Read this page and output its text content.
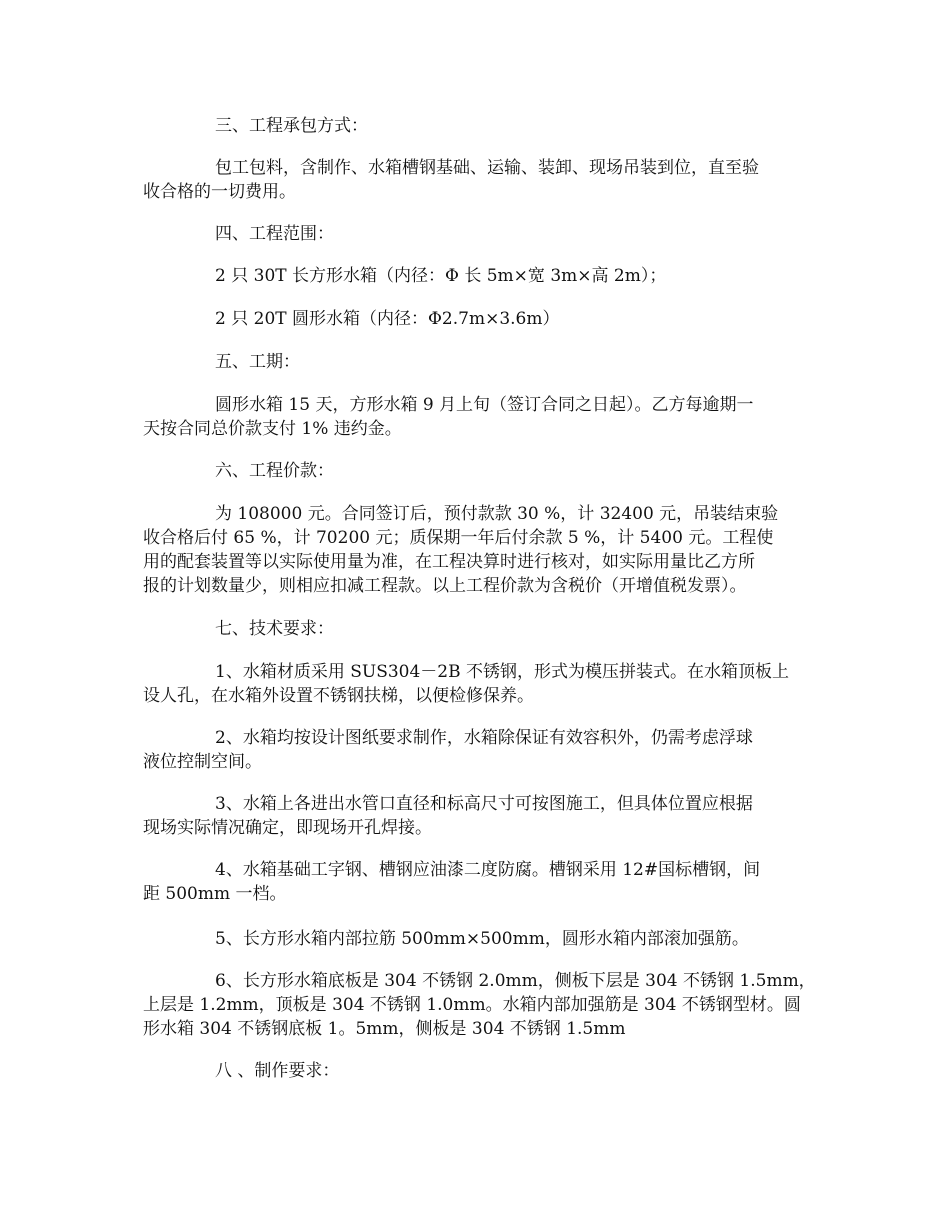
三、工程承包方式：

包工包料，含制作、水箱槽钢基础、运输、装卸、现场吊装到位，直至验
收合格的一切费用。

四、工程范围：

2 只 30T 长方形水箱（内径：Φ 长 5m×宽 3m×高 2m）；

2 只 20T 圆形水箱（内径：Φ2.7m×3.6m）

五、工期：

圆形水箱 15 天，方形水箱 9 月上旬（签订合同之日起）。乙方每逾期一
天按合同总价款支付 1% 违约金。

六、工程价款：

为 108000 元。合同签订后，预付款款 30 %，计 32400 元，吊装结束验
收合格后付 65 %，计 70200 元；质保期一年后付余款 5 %，计 5400 元。工程使
用的配套装置等以实际使用量为准，在工程决算时进行核对，如实际用量比乙方所
报的计划数量少，则相应扣减工程款。以上工程价款为含税价（开增值税发票）。

七、技术要求：

1、水箱材质采用 SUS304－2B 不锈钢，形式为模压拼装式。在水箱顶板上
设人孔，在水箱外设置不锈钢扶梯，以便检修保养。

2、水箱均按设计图纸要求制作，水箱除保证有效容积外，仍需考虑浮球
液位控制空间。

3、水箱上各进出水管口直径和标高尺寸可按图施工，但具体位置应根据
现场实际情况确定，即现场开孔焊接。

4、水箱基础工字钢、槽钢应油漆二度防腐。槽钢采用 12#国标槽钢，间
距 500mm 一档。

5、长方形水箱内部拉筋 500mm×500mm，圆形水箱内部滚加强筋。

6、长方形水箱底板是 304 不锈钢 2.0mm，侧板下层是 304 不锈钢 1.5mm，
上层是 1.2mm，顶板是 304 不锈钢 1.0mm。水箱内部加强筋是 304 不锈钢型材。圆
形水箱 304 不锈钢底板 1。5mm，侧板是 304 不锈钢 1.5mm

八 、制作要求：
